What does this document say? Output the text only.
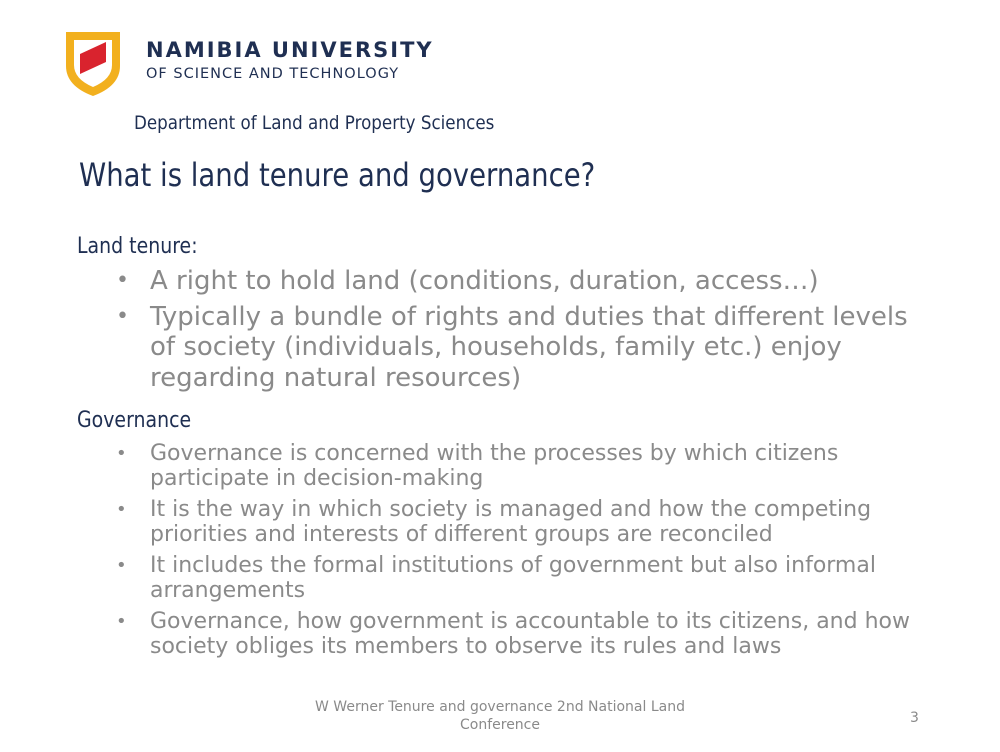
NAMIBIA UNIVERSITY
OF SCIENCE AND TECHNOLOGY
Department of Land and Property Sciences
What is land tenure and governance?
Land tenure:
• A right to hold land (conditions, duration, access…)
• Typically a bundle of rights and duties that different levels of society (individuals, households, family etc.) enjoy regarding natural resources)
Governance
• Governance is concerned with the processes by which citizens participate in decision-making
• It is the way in which society is managed and how the competing priorities and interests of different groups are reconciled
• It includes the formal institutions of government but also informal arrangements
• Governance, how government is accountable to its citizens, and how society obliges its members to observe its rules and laws
W Werner Tenure and governance 2nd National Land Conference	3
